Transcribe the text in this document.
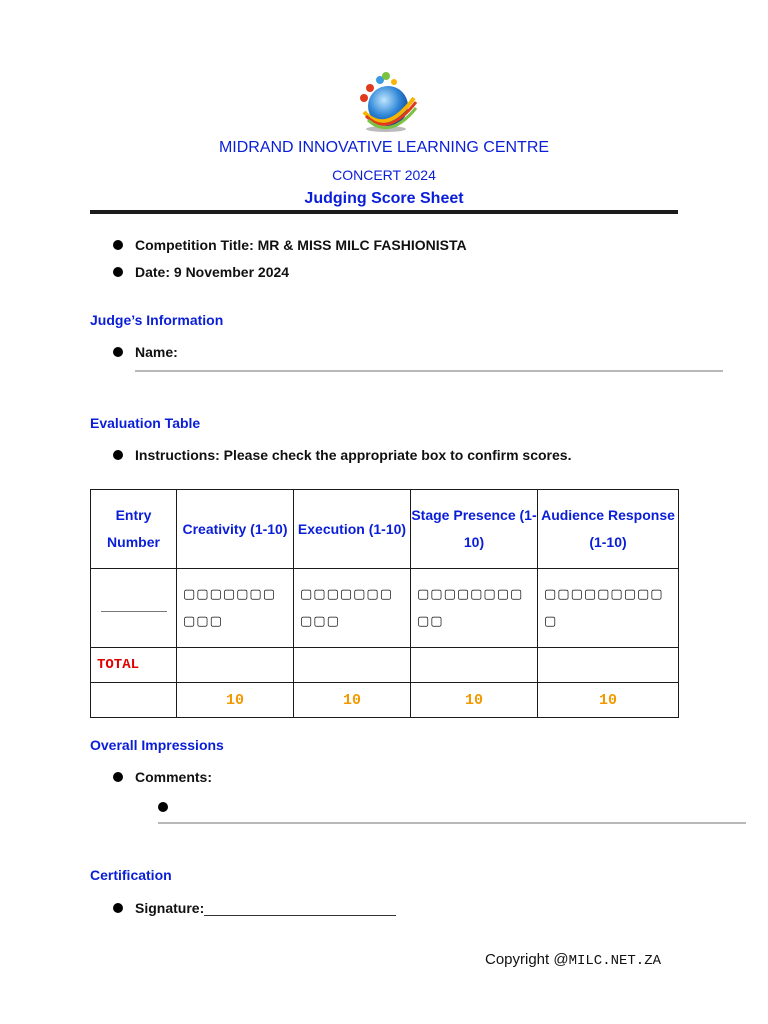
MIDRAND INNOVATIVE LEARNING CENTRE
CONCERT 2024
Judging Score Sheet
Competition Title: MR & MISS MILC FASHIONISTA
Date: 9 November 2024
Judge’s Information
Name:
Evaluation Table
Instructions: Please check the appropriate box to confirm scores.
Entry Number	Creativity (1-10)	Execution (1-10)	Stage Presence (1-10)	Audience Response (1-10)
	▢▢▢▢▢▢▢▢▢▢	▢▢▢▢▢▢▢▢▢▢	▢▢▢▢▢▢▢▢▢▢	▢▢▢▢▢▢▢▢▢▢
TOTAL				
	10	10	10	10
Overall Impressions
Comments:
Certification
Signature:
Copyright @MILC.NET.ZA
